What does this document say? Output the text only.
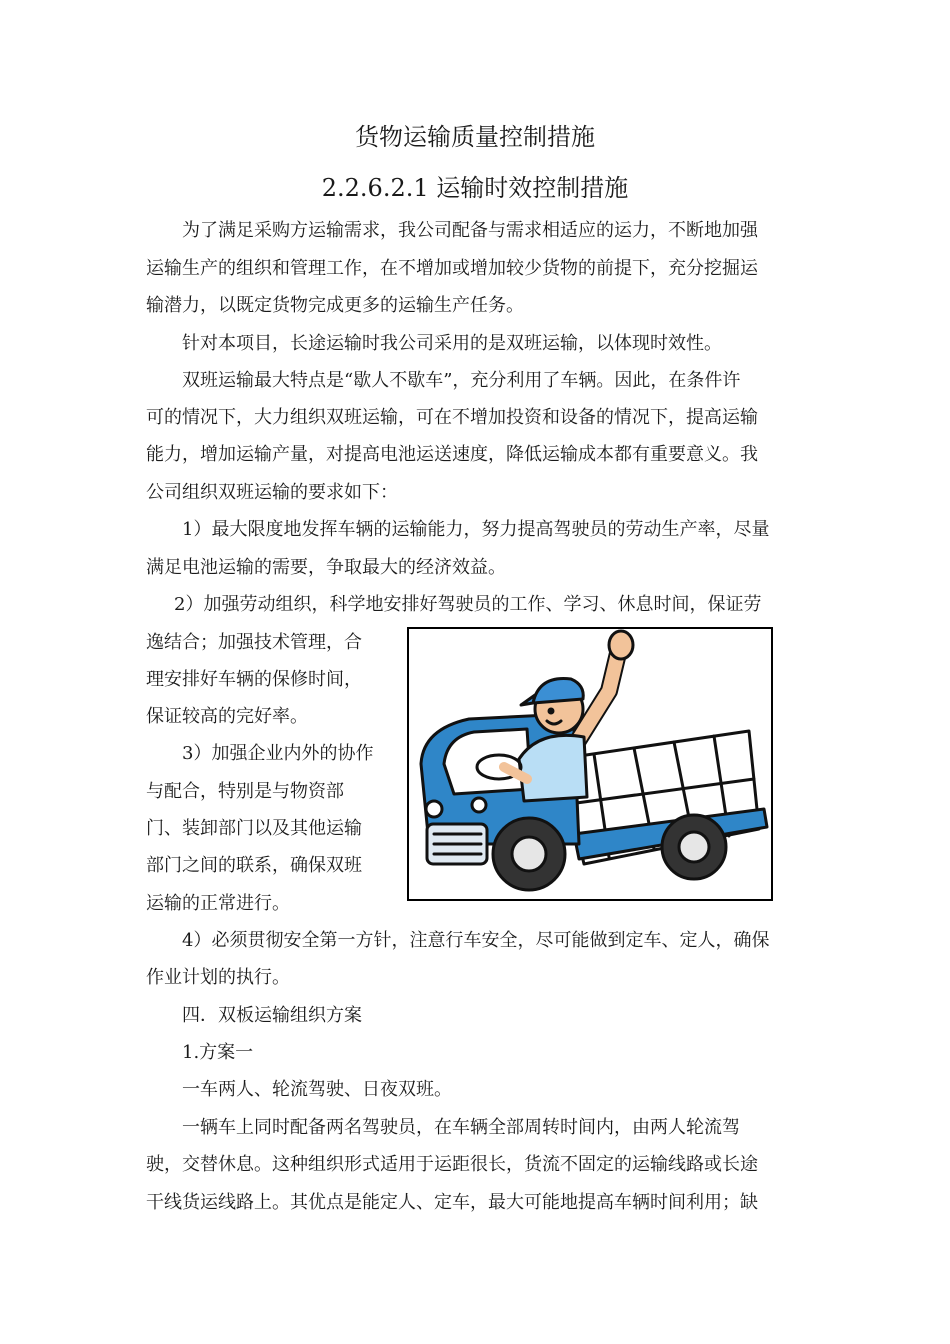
货物运输质量控制措施
2.2.6.2.1 运输时效控制措施
为了满足采购方运输需求，我公司配备与需求相适应的运力，不断地加强
运输生产的组织和管理工作，在不增加或增加较少货物的前提下，充分挖掘运
输潜力，以既定货物完成更多的运输生产任务。
针对本项目，长途运输时我公司采用的是双班运输，以体现时效性。
双班运输最大特点是“歇人不歇车”，充分利用了车辆。因此，在条件许
可的情况下，大力组织双班运输，可在不增加投资和设备的情况下，提高运输
能力，增加运输产量，对提高电池运送速度，降低运输成本都有重要意义。我
公司组织双班运输的要求如下：
1）最大限度地发挥车辆的运输能力，努力提高驾驶员的劳动生产率，尽量
满足电池运输的需要，争取最大的经济效益。
2）加强劳动组织，科学地安排好驾驶员的工作、学习、休息时间，保证劳
逸结合；加强技术管理，合
理安排好车辆的保修时间，
保证较高的完好率。
3）加强企业内外的协作
与配合，特别是与物资部
门、装卸部门以及其他运输
部门之间的联系，确保双班
运输的正常进行。
4）必须贯彻安全第一方针，注意行车安全，尽可能做到定车、定人，确保
作业计划的执行。
四．双板运输组织方案
1.方案一
一车两人、轮流驾驶、日夜双班。
一辆车上同时配备两名驾驶员，在车辆全部周转时间内，由两人轮流驾
驶，交替休息。这种组织形式适用于运距很长，货流不固定的运输线路或长途
干线货运线路上。其优点是能定人、定车，最大可能地提高车辆时间利用；缺
